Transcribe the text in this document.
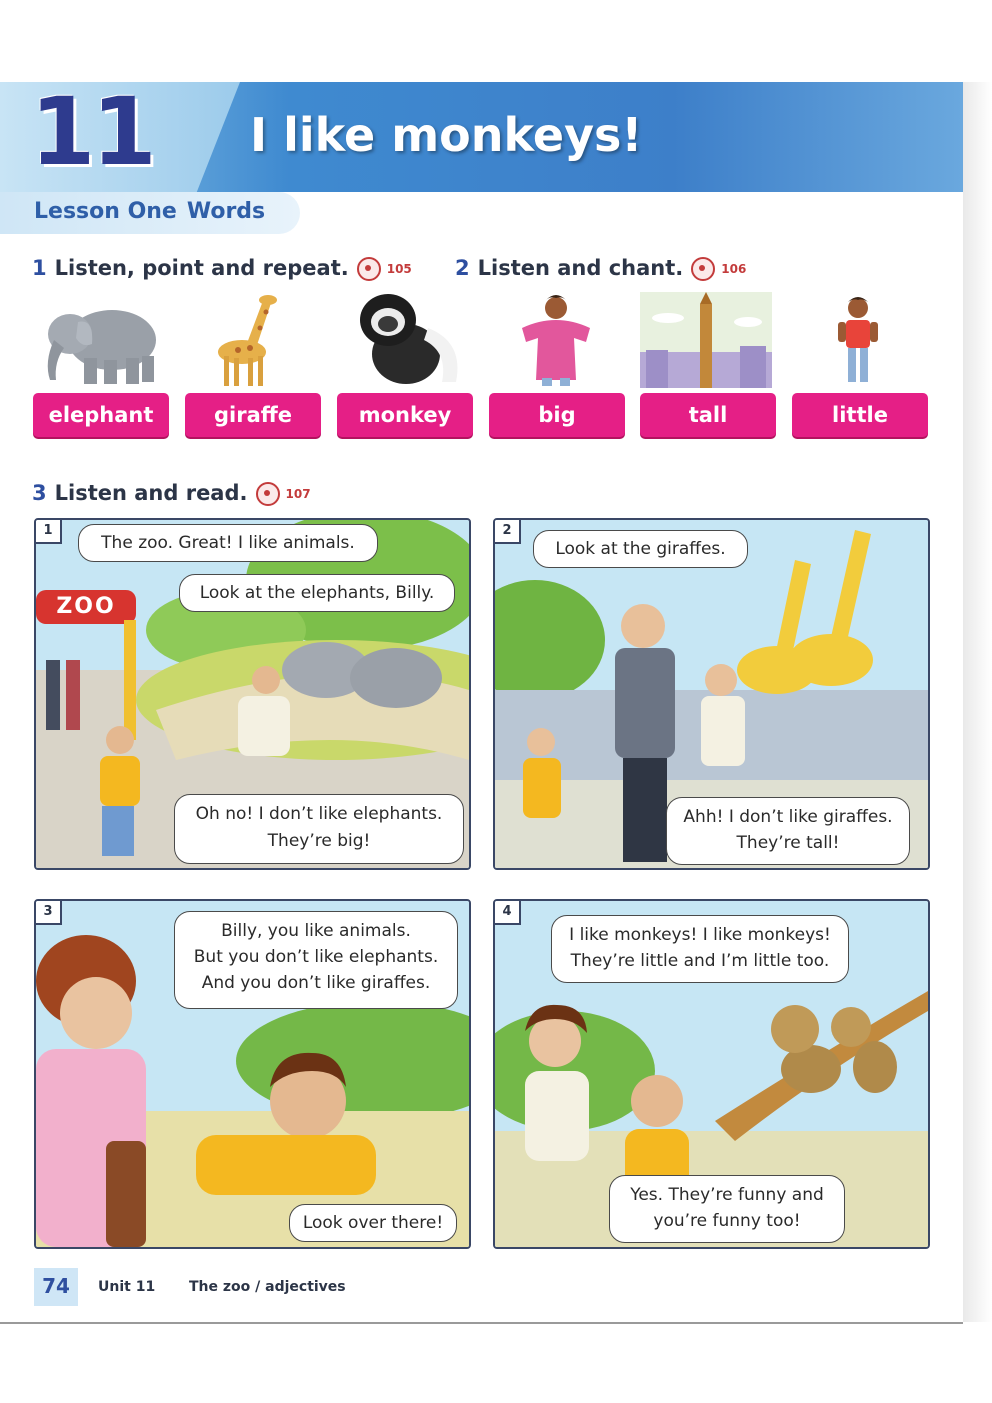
11 I like monkeys!
Lesson One Words
1 Listen, point and repeat.	105 2 Listen and chant.	106
elephant	giraffe	monkey	big	tall	little
3 Listen and read.	107
1
ZOO
The zoo. Great! I like animals.
Look at the elephants, Billy.
Oh no! I don’t like elephants.
They’re big!
2
Look at the giraffes.
Ahh! I don’t like giraffes.
They’re tall!
3
Billy, you like animals.
But you don’t like elephants.
And you don’t like giraffes.
Look over there!
4
I like monkeys! I like monkeys!
They’re little and I’m little too.
Yes. They’re funny and
you’re funny too!
74	Unit 11 The zoo / adjectives
